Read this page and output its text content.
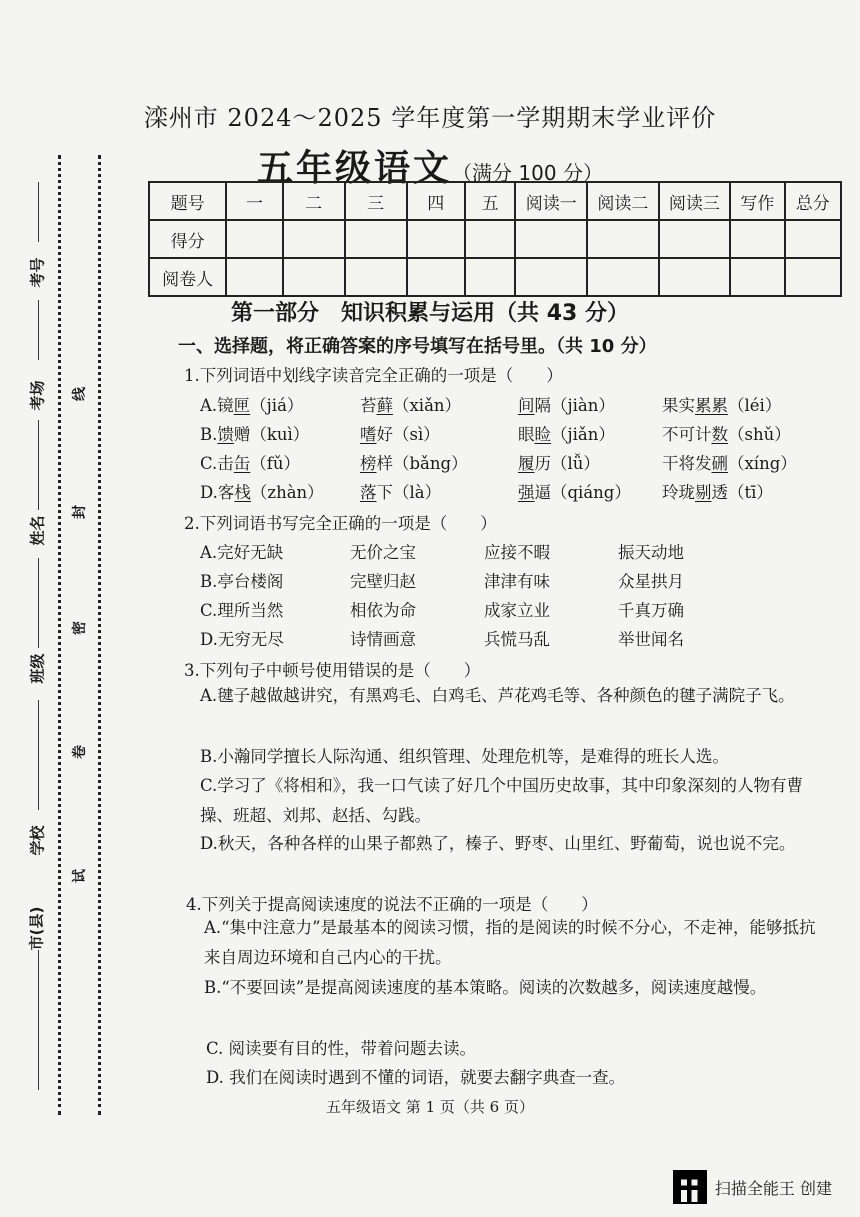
考号
考场
姓名
班级
学校
市(县)
线
封
密
卷
试
滦州市 2024～2025 学年度第一学期期末学业评价
五年级语文（满分 100 分）
题号	一	二	三	四	五	阅读一	阅读二	阅读三	写作	总分
得分										
阅卷人										
第一部分　知识积累与运用（共 43 分）
一、选择题，将正确答案的序号填写在括号里。（共 10 分）
1.下列词语中划线字读音完全正确的一项是（　　）
A.镜匣（jiá）	苔藓（xiǎn）	间隔（jiàn）	果实累累（léi）
B.馈赠（kuì）	嗜好（sì）	眼睑（jiǎn）	不可计数（shǔ）
C.击缶（fǔ）	榜样（bǎng）	履历（lǚ）	干将发硎（xíng）
D.客栈（zhàn） 落下（là）	强逼（qiáng） 玲珑剔透（tī）
2.下列词语书写完全正确的一项是（　　）
A.完好无缺	无价之宝	应接不暇	振天动地
B.亭台楼阁	完壁归赵	津津有味	众星拱月
C.理所当然	相依为命	成家立业	千真万确
D.无穷无尽	诗情画意	兵慌马乱	举世闻名
3.下列句子中顿号使用错误的是（　　）
A.毽子越做越讲究，有黑鸡毛、白鸡毛、芦花鸡毛等、各种颜色的毽子满院子飞。
B.小瀚同学擅长人际沟通、组织管理、处理危机等，是难得的班长人选。
C.学习了《将相和》，我一口气读了好几个中国历史故事，其中印象深刻的人物有曹操、班超、刘邦、赵括、勾践。
D.秋天，各种各样的山果子都熟了，榛子、野枣、山里红、野葡萄，说也说不完。
4.下列关于提高阅读速度的说法不正确的一项是（　　）
A.“集中注意力”是最基本的阅读习惯，指的是阅读的时候不分心，不走神，能够抵抗来自周边环境和自己内心的干扰。
B.“不要回读”是提高阅读速度的基本策略。阅读的次数越多，阅读速度越慢。
C. 阅读要有目的性，带着问题去读。
D. 我们在阅读时遇到不懂的词语，就要去翻字典查一查。
五年级语文 第 1 页（共 6 页）
扫描全能王 创建
